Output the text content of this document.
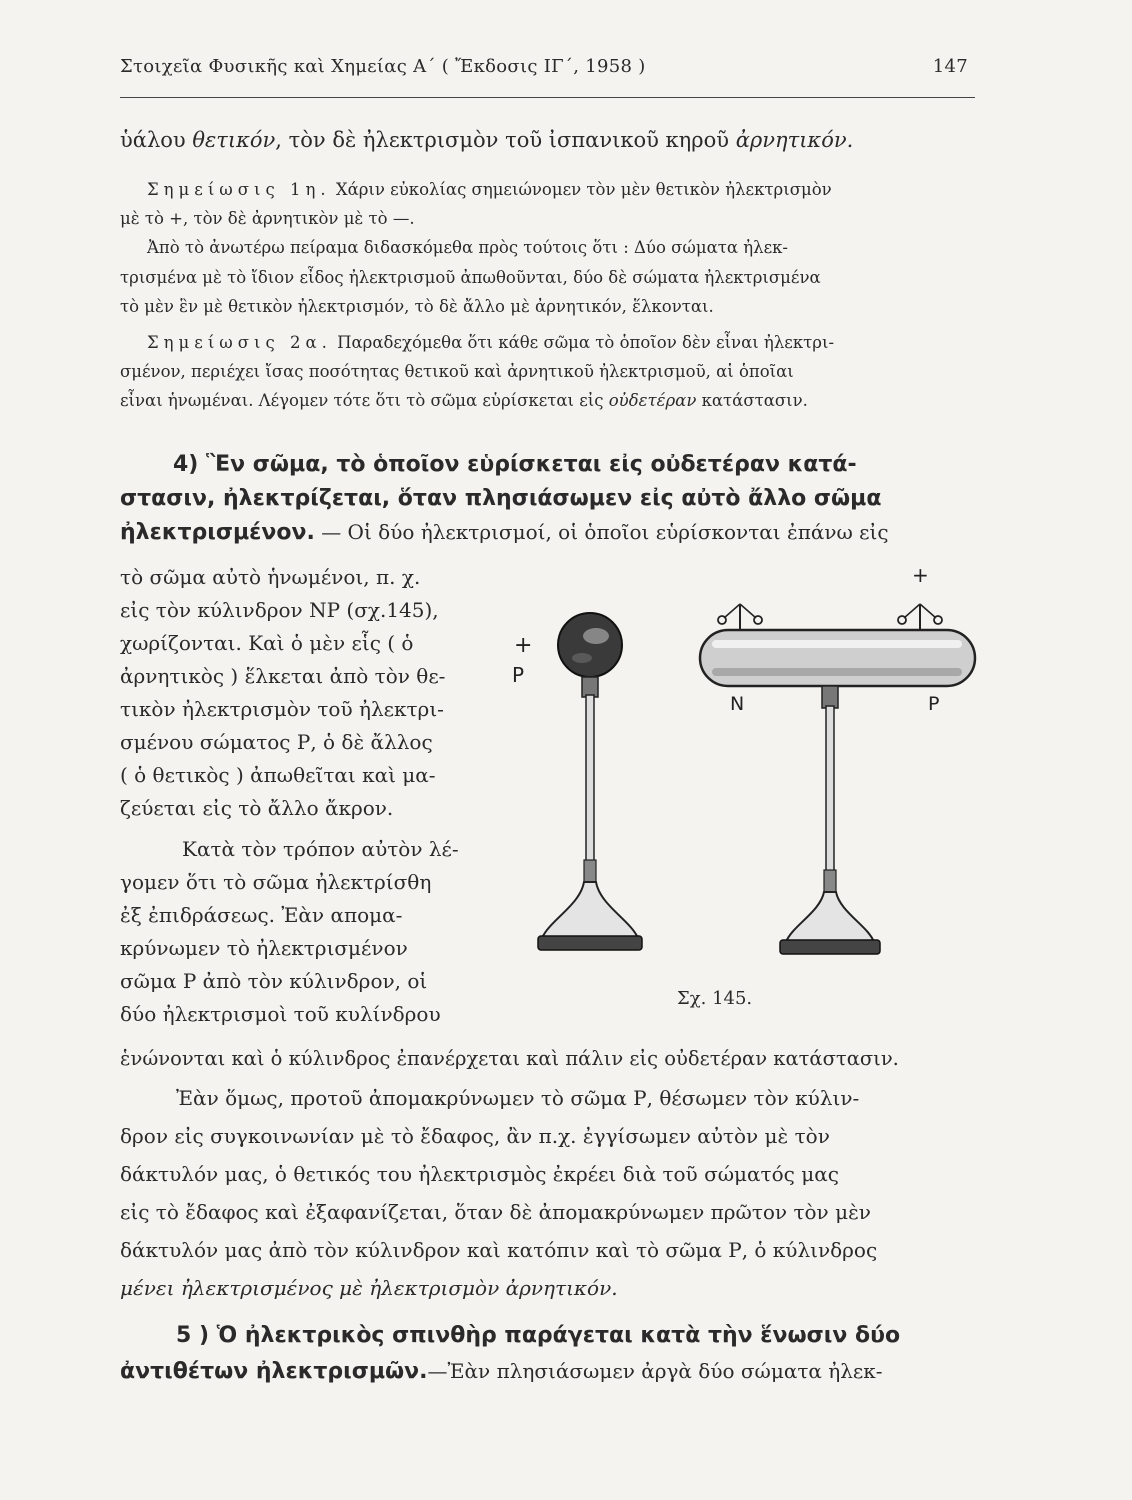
Στοιχεῖα Φυσικῆς καὶ Χημείας Α΄ ( Ἔκδοσις ΙΓ΄, 1958 )	147
ὑάλου θετικόν, τὸν δὲ ἠλεκτρισμὸν τοῦ ἰσπανικοῦ κηροῦ ἀρνητικόν.
Σημείωσις 1η. Χάριν εὐκολίας σημειώνομεν τὸν μὲν θετικὸν ἠλεκτρισμὸν
μὲ τὸ +, τὸν δὲ ἀρνητικὸν μὲ τὸ —.
Ἀπὸ τὸ ἀνωτέρω πείραμα διδασκόμεθα πρὸς τούτοις ὅτι : Δύο σώματα ἠλεκ-
τρισμένα μὲ τὸ ἴδιον εἶδος ἠλεκτρισμοῦ ἀπωθοῦνται, δύο δὲ σώματα ἠλεκτρισμένα
τὸ μὲν ἓν μὲ θετικὸν ἠλεκτρισμόν, τὸ δὲ ἄλλο μὲ ἀρνητικόν, ἕλκονται.
Σημείωσις 2α. Παραδεχόμεθα ὅτι κάθε σῶμα τὸ ὁποῖον δὲν εἶναι ἠλεκτρι-
σμένον, περιέχει ἴσας ποσότητας θετικοῦ καὶ ἀρνητικοῦ ἠλεκτρισμοῦ, αἱ ὁποῖαι
εἶναι ἡνωμέναι. Λέγομεν τότε ὅτι τὸ σῶμα εὑρίσκεται εἰς οὐδετέραν κατάστασιν.
4) Ἓν σῶμα, τὸ ὁποῖον εὑρίσκεται εἰς οὐδετέραν κατά-
στασιν, ἠλεκτρίζεται, ὅταν πλησιάσωμεν εἰς αὐτὸ ἄλλο σῶμα
ἠλεκτρισμένον. — Οἱ δύο ἠλεκτρισμοί, οἱ ὁποῖοι εὑρίσκονται ἐπάνω εἰς
τὸ σῶμα αὐτὸ ἡνωμένοι, π. χ.
εἰς τὸν κύλινδρον ΝΡ (σχ.145),
χωρίζονται. Καὶ ὁ μὲν εἷς ( ὁ
ἀρνητικὸς ) ἕλκεται ἀπὸ τὸν θε-
τικὸν ἠλεκτρισμὸν τοῦ ἠλεκτρι-
σμένου σώματος Ρ, ὁ δὲ ἄλλος
( ὁ θετικὸς ) ἀπωθεῖται καὶ μα-
ζεύεται εἰς τὸ ἄλλο ἄκρον.
Κατὰ τὸν τρόπον αὐτὸν λέ-
γομεν ὅτι τὸ σῶμα ἠλεκτρίσθη
ἐξ ἐπιδράσεως. Ἐὰν απομα-
κρύνωμεν τὸ ἠλεκτρισμένον
σῶμα Ρ ἀπὸ τὸν κύλινδρον, οἱ
δύο ἠλεκτρισμοὶ τοῦ κυλίνδρου
+
P
+
N	P
Σχ. 145.
ἑνώνονται καὶ ὁ κύλινδρος ἐπανέρχεται καὶ πάλιν εἰς οὐδετέραν κατάστασιν.
Ἐὰν ὅμως, προτοῦ ἀπομακρύνωμεν τὸ σῶμα Ρ, θέσωμεν τὸν κύλιν-
δρον εἰς συγκοινωνίαν μὲ τὸ ἔδαφος, ἂν π.χ. ἐγγίσωμεν αὐτὸν μὲ τὸν
δάκτυλόν μας, ὁ θετικός του ἠλεκτρισμὸς ἐκρέει διὰ τοῦ σώματός μας
εἰς τὸ ἔδαφος καὶ ἐξαφανίζεται, ὅταν δὲ ἀπομακρύνωμεν πρῶτον τὸν μὲν
δάκτυλόν μας ἀπὸ τὸν κύλινδρον καὶ κατόπιν καὶ τὸ σῶμα Ρ, ὁ κύλινδρος
μένει ἠλεκτρισμένος μὲ ἠλεκτρισμὸν ἀρνητικόν.
5 ) Ὁ ἠλεκτρικὸς σπινθὴρ παράγεται κατὰ τὴν ἕνωσιν δύο
ἀντιθέτων ἠλεκτρισμῶν.—Ἐὰν πλησιάσωμεν ἀργὰ δύο σώματα ἠλεκ-
